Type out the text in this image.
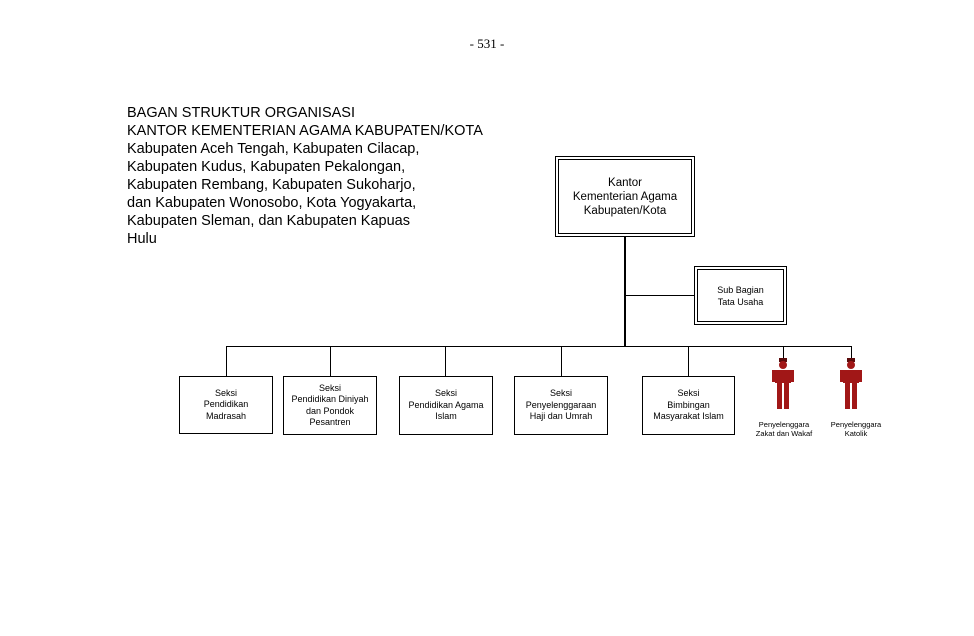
- 531 -
BAGAN STRUKTUR ORGANISASI
KANTOR KEMENTERIAN AGAMA KABUPATEN/KOTA
Kabupaten Aceh Tengah, Kabupaten Cilacap,
Kabupaten Kudus, Kabupaten Pekalongan,
Kabupaten Rembang, Kabupaten Sukoharjo,
dan Kabupaten Wonosobo, Kota Yogyakarta,
Kabupaten Sleman, dan Kabupaten Kapuas
Hulu
Kantor
Kementerian Agama
Kabupaten/Kota
Sub Bagian
Tata Usaha
Seksi
Pendidikan
Madrasah
Seksi
Pendidikan Diniyah
dan Pondok
Pesantren
Seksi
Pendidikan Agama
Islam
Seksi
Penyelenggaraan
Haji dan Umrah
Seksi
Bimbingan
Masyarakat Islam
Penyelenggara
Zakat dan Wakaf
Penyelenggara
Katolik
